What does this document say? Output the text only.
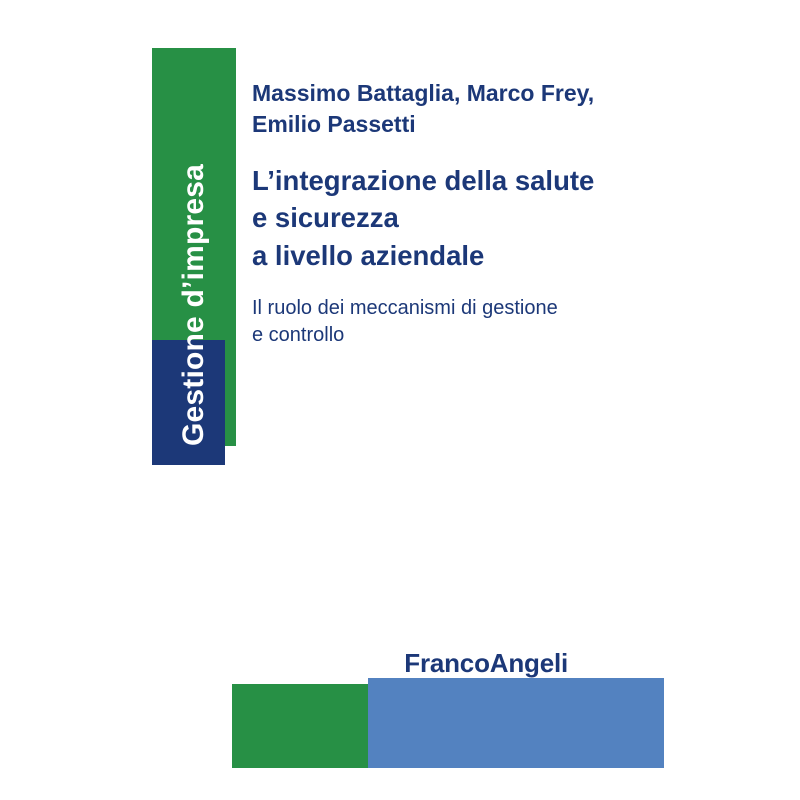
Gestione d’impresa

Massimo Battaglia, Marco Frey,
Emilio Passetti

L’integrazione della salute
e sicurezza
a livello aziendale

Il ruolo dei meccanismi di gestione
e controllo

FrancoAngeli
